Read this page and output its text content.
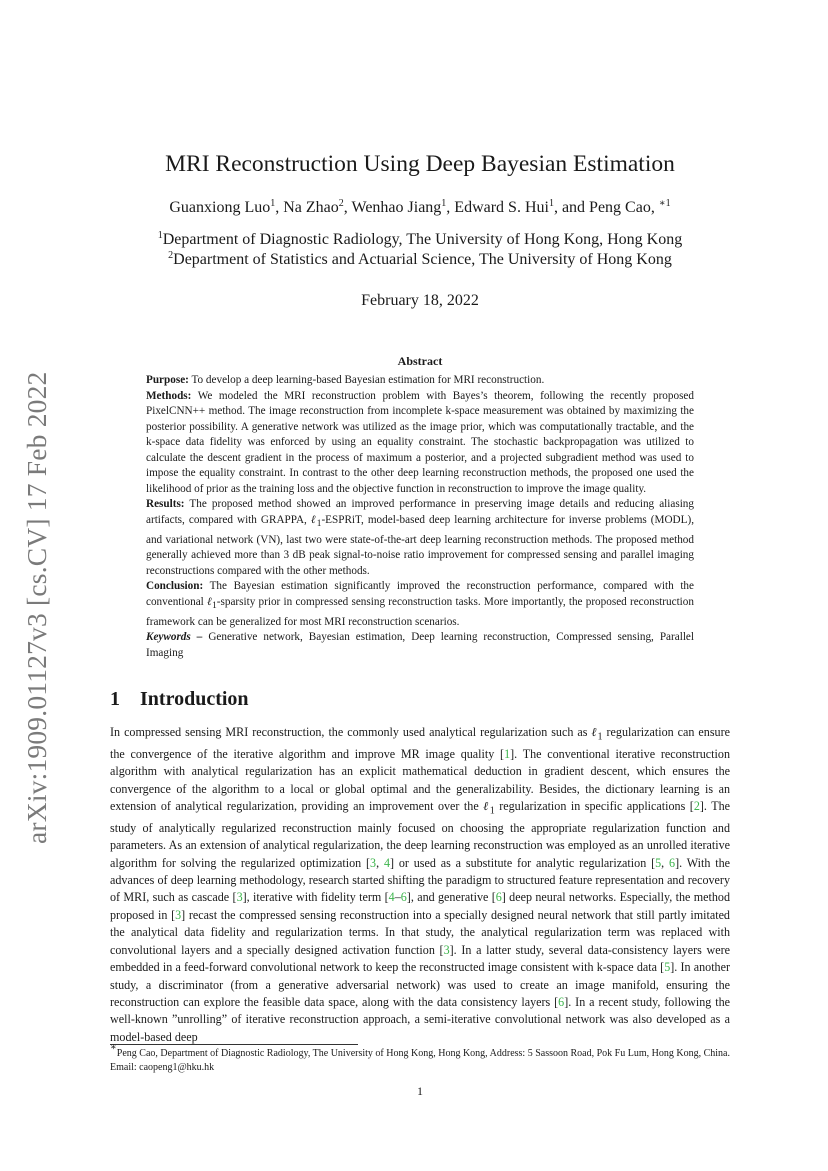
arXiv:1909.01127v3 [cs.CV] 17 Feb 2022
MRI Reconstruction Using Deep Bayesian Estimation
Guanxiong Luo$^1$, Na Zhao$^2$, Wenhao Jiang$^1$, Edward S. Hui$^1$, and Peng Cao, $^{∗1}$
$^1$Department of Diagnostic Radiology, The University of Hong Kong, Hong Kong
$^2$Department of Statistics and Actuarial Science, The University of Hong Kong
February 18, 2022
Abstract

Purpose: To develop a deep learning-based Bayesian estimation for MRI reconstruction.

Methods: We modeled the MRI reconstruction problem with Bayes’s theorem, following the recently proposed PixelCNN++ method. The image reconstruction from incomplete k-space measurement was obtained by maximizing the posterior possibility. A generative network was utilized as the image prior, which was computationally tractable, and the k-space data fidelity was enforced by using an equality constraint. The stochastic backpropagation was utilized to calculate the descent gradient in the process of maximum a posterior, and a projected subgradient method was used to impose the equality constraint. In contrast to the other deep learning reconstruction methods, the proposed one used the likelihood of prior as the training loss and the objective function in reconstruction to improve the image quality.

Results: The proposed method showed an improved performance in preserving image details and reducing aliasing artifacts, compared with GRAPPA, ℓ$_1$-ESPRiT, model-based deep learning architecture for inverse problems (MODL), and variational network (VN), last two were state-of-the-art deep learning reconstruction methods. The proposed method generally achieved more than 3 dB peak signal-to-noise ratio improvement for compressed sensing and parallel imaging reconstructions compared with the other methods.

Conclusion: The Bayesian estimation significantly improved the reconstruction performance, compared with the conventional ℓ$_1$-sparsity prior in compressed sensing reconstruction tasks. More importantly, the proposed reconstruction framework can be generalized for most MRI reconstruction scenarios.

Keywords – Generative network, Bayesian estimation, Deep learning reconstruction, Compressed sensing, Parallel Imaging

1 Introduction

In compressed sensing MRI reconstruction, the commonly used analytical regularization such as ℓ$_1$ regularization can ensure the convergence of the iterative algorithm and improve MR image quality [1]. The conventional iterative reconstruction algorithm with analytical regularization has an explicit mathematical deduction in gradient descent, which ensures the convergence of the algorithm to a local or global optimal and the generalizability. Besides, the dictionary learning is an extension of analytical regularization, providing an improvement over the ℓ$_1$ regularization in specific applications [2]. The study of analytically regularized reconstruction mainly focused on choosing the appropriate regularization function and parameters. As an extension of analytical regularization, the deep learning reconstruction was employed as an unrolled iterative algorithm for solving the regularized optimization [3, 4] or used as a substitute for analytic regularization [5, 6]. With the advances of deep learning methodology, research started shifting the paradigm to structured feature representation and recovery of MRI, such as cascade [3], iterative with fidelity term [4–6], and generative [6] deep neural networks. Especially, the method proposed in [3] recast the compressed sensing reconstruction into a specially designed neural network that still partly imitated the analytical data fidelity and regularization terms. In that study, the analytical regularization term was replaced with convolutional layers and a specially designed activation function [3]. In a latter study, several data-consistency layers were embedded in a feed-forward convolutional network to keep the reconstructed image consistent with k-space data [5]. In another study, a discriminator (from a generative adversarial network) was used to create an image manifold, ensuring the reconstruction can explore the feasible data space, along with the data consistency layers [6]. In a recent study, following the well-known ”unrolling” of iterative reconstruction approach, a semi-iterative convolutional network was also developed as a model-based deep

∗Peng Cao, Department of Diagnostic Radiology, The University of Hong Kong, Hong Kong, Address: 5 Sassoon Road, Pok Fu Lum, Hong Kong, China. Email: caopeng1@hku.hk

1
